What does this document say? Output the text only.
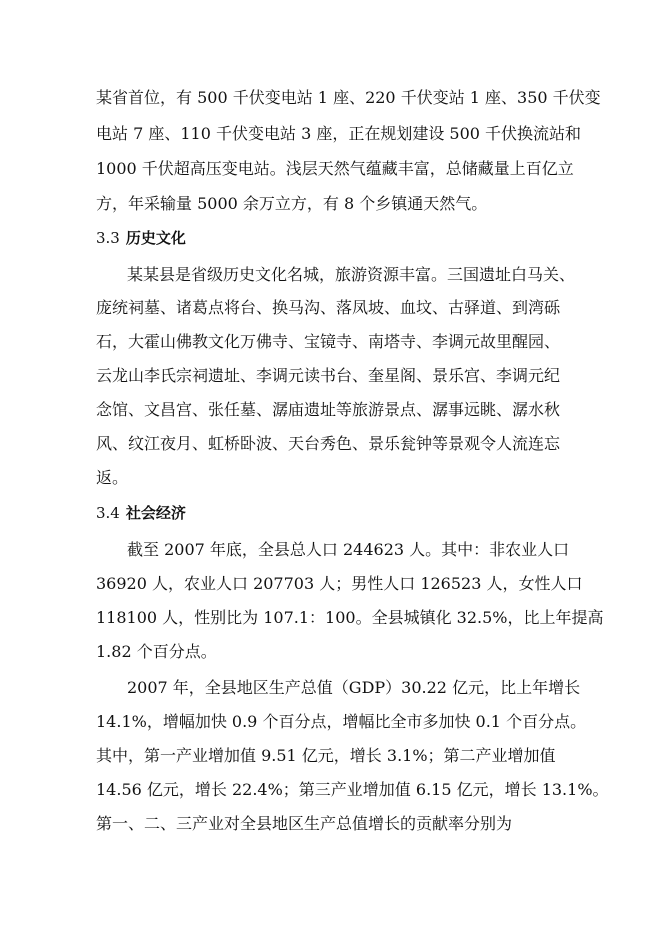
某省首位，有 500 千伏变电站 1 座、220 千伏变站 1 座、350 千伏变
电站 7 座、110 千伏变电站 3 座，正在规划建设 500 千伏换流站和
1000 千伏超高压变电站。浅层天然气蕴藏丰富，总储藏量上百亿立
方，年采输量 5000 余万立方，有 8 个乡镇通天然气。
3.3 历史文化
某某县是省级历史文化名城，旅游资源丰富。三国遗址白马关、
庞统祠墓、诸葛点将台、换马沟、落凤坡、血坟、古驿道、到湾砾
石，大霍山佛教文化万佛寺、宝镜寺、南塔寺、李调元故里醒园、
云龙山李氏宗祠遗址、李调元读书台、奎星阁、景乐宫、李调元纪
念馆、文昌宫、张任墓、潺庙遗址等旅游景点、潺事远眺、潺水秋
风、纹江夜月、虹桥卧波、天台秀色、景乐瓮钟等景观令人流连忘
返。
3.4 社会经济
截至 2007 年底，全县总人口 244623 人。其中：非农业人口
36920 人，农业人口 207703 人；男性人口 126523 人，女性人口
118100 人，性别比为 107.1：100。全县城镇化 32.5%，比上年提高
1.82 个百分点。
2007 年，全县地区生产总值（GDP）30.22 亿元，比上年增长
14.1%，增幅加快 0.9 个百分点，增幅比全市多加快 0.1 个百分点。
其中，第一产业增加值 9.51 亿元，增长 3.1%；第二产业增加值
14.56 亿元，增长 22.4%；第三产业增加值 6.15 亿元，增长 13.1%。
第一、二、三产业对全县地区生产总值增长的贡献率分别为
